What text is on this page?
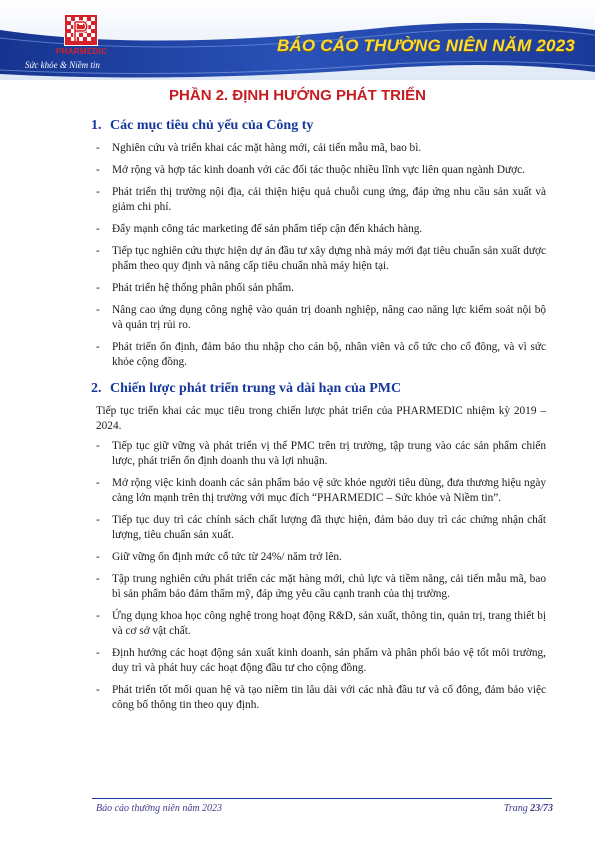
PHARMEDIC
Sức khỏe & Niềm tin
BÁO CÁO THƯỜNG NIÊN NĂM 2023
PHẦN 2. ĐỊNH HƯỚNG PHÁT TRIỂN
1. Các mục tiêu chủ yếu của Công ty
- Nghiên cứu và triển khai các mặt hàng mới, cải tiến mẫu mã, bao bì.
- Mở rộng và hợp tác kinh doanh với các đối tác thuộc nhiều lĩnh vực liên quan ngành Dược.
- Phát triển thị trường nội địa, cải thiện hiệu quả chuỗi cung ứng, đáp ứng nhu cầu sản xuất và giảm chi phí.
- Đẩy mạnh công tác marketing để sản phẩm tiếp cận đến khách hàng.
- Tiếp tục nghiên cứu thực hiện dự án đầu tư xây dựng nhà máy mới đạt tiêu chuẩn sản xuất dược phẩm theo quy định và nâng cấp tiêu chuẩn nhà máy hiện tại.
- Phát triển hệ thống phân phối sản phẩm.
- Nâng cao ứng dụng công nghệ vào quản trị doanh nghiệp, nâng cao năng lực kiểm soát nội bộ và quản trị rủi ro.
- Phát triển ổn định, đảm bảo thu nhập cho cán bộ, nhân viên và cổ tức cho cổ đông, và vì sức khỏe cộng đồng.
2. Chiến lược phát triển trung và dài hạn của PMC

Tiếp tục triển khai các mục tiêu trong chiến lược phát triển của PHARMEDIC nhiệm kỳ 2019 – 2024.

- Tiếp tục giữ vững và phát triển vị thế PMC trên trị trường, tập trung vào các sản phẩm chiến lược, phát triển ổn định doanh thu và lợi nhuận.
- Mở rộng việc kinh doanh các sản phẩm bảo vệ sức khỏe người tiêu dùng, đưa thương hiệu ngày càng lớn mạnh trên thị trường với mục đích “PHARMEDIC – Sức khỏe và Niềm tin”.
- Tiếp tục duy trì các chính sách chất lượng đã thực hiện, đảm bảo duy trì các chứng nhận chất lượng, tiêu chuẩn sản xuất.
- Giữ vững ổn định mức cổ tức từ 24%/ năm trở lên.
- Tập trung nghiên cứu phát triển các mặt hàng mới, chủ lực và tiềm năng, cải tiến mẫu mã, bao bì sản phẩm bảo đảm thẩm mỹ, đáp ứng yêu cầu cạnh tranh của thị trường.
- Ứng dụng khoa học công nghệ trong hoạt động R&D, sản xuất, thông tin, quản trị, trang thiết bị và cơ sở vật chất.
- Định hướng các hoạt động sản xuất kinh doanh, sản phẩm và phân phối bảo vệ tốt môi trường, duy trì và phát huy các hoạt động đầu tư cho cộng đồng.
- Phát triển tốt mối quan hệ và tạo niềm tin lâu dài với các nhà đầu tư và cổ đông, đảm bảo việc công bố thông tin theo quy định.
Báo cáo thường niên năm 2023	Trang 23/73
